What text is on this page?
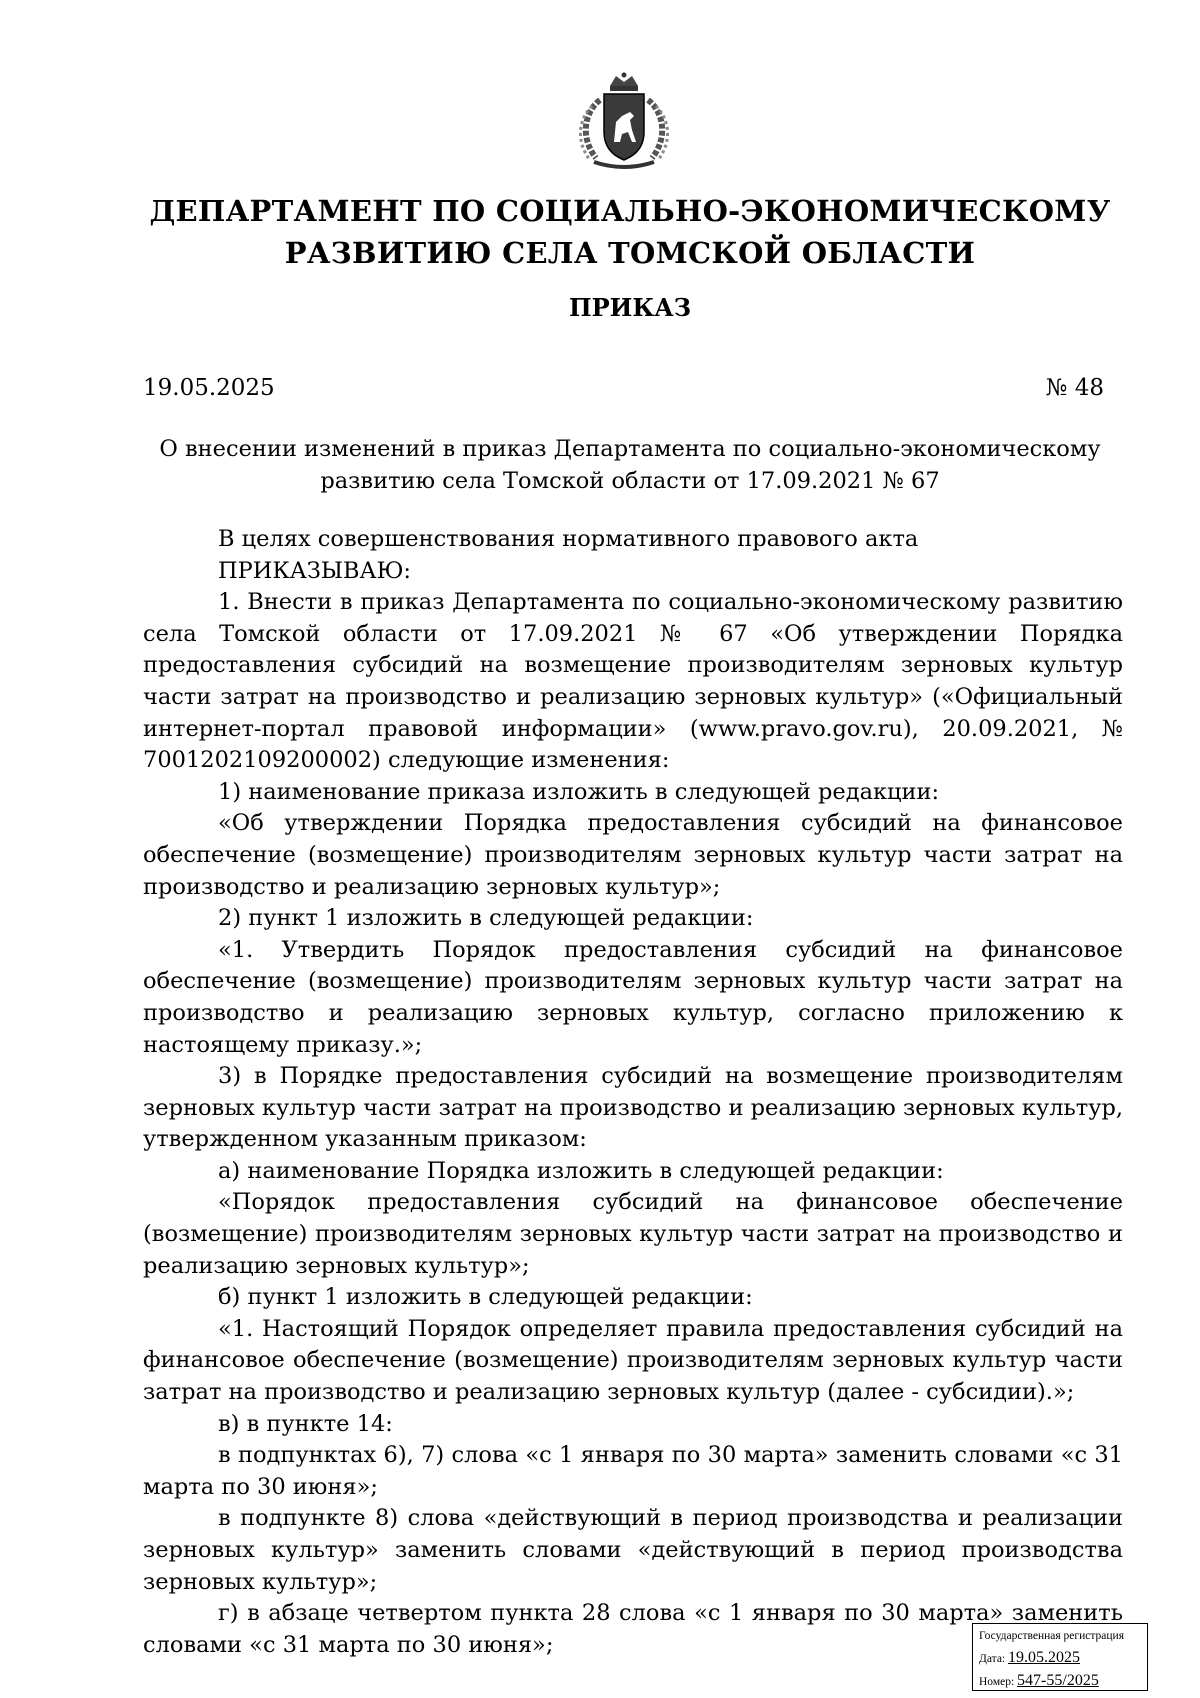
ДЕПАРТАМЕНТ ПО СОЦИАЛЬНО-ЭКОНОМИЧЕСКОМУ
РАЗВИТИЮ СЕЛА ТОМСКОЙ ОБЛАСТИ
ПРИКАЗ
19.05.2025	№ 48
О внесении изменений в приказ Департамента по социально-экономическому
развитию села Томской области от 17.09.2021 № 67

В целях совершенствования нормативного правового акта

ПРИКАЗЫВАЮ:

1. Внести в приказ Департамента по социально-экономическому развитию села Томской области от 17.09.2021 № 67 «Об утверждении Порядка предоставления субсидий на возмещение производителям зерновых культур части затрат на производство и реализацию зерновых культур» («Официальный интернет-портал правовой информации» (www.pravo.gov.ru), 20.09.2021, № 7001202109200002) следующие изменения:

1) наименование приказа изложить в следующей редакции:

«Об утверждении Порядка предоставления субсидий на финансовое обеспечение (возмещение) производителям зерновых культур части затрат на производство и реализацию зерновых культур»;

2) пункт 1 изложить в следующей редакции:

«1. Утвердить Порядок предоставления субсидий на финансовое обеспечение (возмещение) производителям зерновых культур части затрат на производство и реализацию зерновых культур, согласно приложению к настоящему приказу.»;

3) в Порядке предоставления субсидий на возмещение производителям зерновых культур части затрат на производство и реализацию зерновых культур, утвержденном указанным приказом:

а) наименование Порядка изложить в следующей редакции:

«Порядок предоставления субсидий на финансовое обеспечение (возмещение) производителям зерновых культур части затрат на производство и реализацию зерновых культур»;

б) пункт 1 изложить в следующей редакции:

«1. Настоящий Порядок определяет правила предоставления субсидий на финансовое обеспечение (возмещение) производителям зерновых культур части затрат на производство и реализацию зерновых культур (далее - субсидии).»;

в) в пункте 14:

в подпунктах 6), 7) слова «с 1 января по 30 марта» заменить словами «с 31 марта по 30 июня»;

в подпункте 8) слова «действующий в период производства и реализации зерновых культур» заменить словами «действующий в период производства зерновых культур»;

г) в абзаце четвертом пункта 28 слова «с 1 января по 30 марта» заменить словами «с 31 марта по 30 июня»;	Государственная регистрация
Дата: 19.05.2025
Номер: 547-55/2025
